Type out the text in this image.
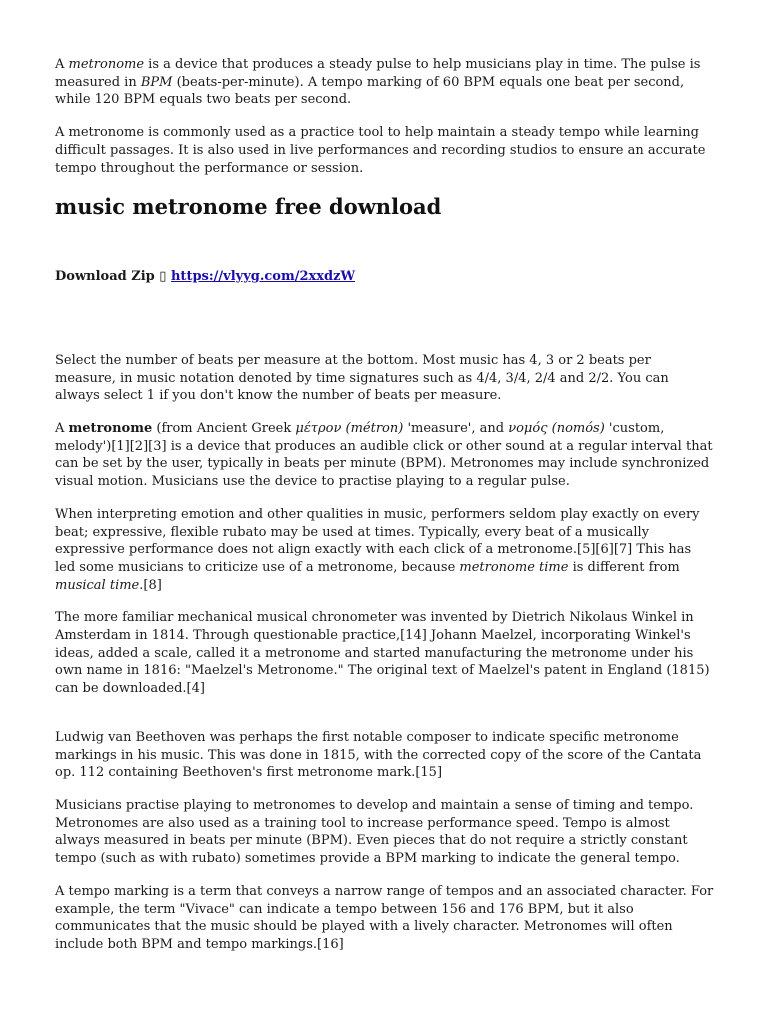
A metronome is a device that produces a steady pulse to help musicians play in time. The pulse is measured in BPM (beats-per-minute). A tempo marking of 60 BPM equals one beat per second, while 120 BPM equals two beats per second.

A metronome is commonly used as a practice tool to help maintain a steady tempo while learning difficult passages. It is also used in live performances and recording studios to ensure an accurate tempo throughout the performance or session.

music metronome free download

Download Zip ▯ https://vlyyg.com/2xxdzW

Select the number of beats per measure at the bottom. Most music has 4, 3 or 2 beats per measure, in music notation denoted by time signatures such as 4/4, 3/4, 2/4 and 2/2. You can always select 1 if you don't know the number of beats per measure.

A metronome (from Ancient Greek μέτρον (métron) 'measure', and νομός (nomós) 'custom, melody')[1][2][3] is a device that produces an audible click or other sound at a regular interval that can be set by the user, typically in beats per minute (BPM). Metronomes may include synchronized visual motion. Musicians use the device to practise playing to a regular pulse.

When interpreting emotion and other qualities in music, performers seldom play exactly on every beat; expressive, flexible rubato may be used at times. Typically, every beat of a musically expressive performance does not align exactly with each click of a metronome.[5][6][7] This has led some musicians to criticize use of a metronome, because metronome time is different from musical time.[8]

The more familiar mechanical musical chronometer was invented by Dietrich Nikolaus Winkel in Amsterdam in 1814. Through questionable practice,[14] Johann Maelzel, incorporating Winkel's ideas, added a scale, called it a metronome and started manufacturing the metronome under his own name in 1816: "Maelzel's Metronome." The original text of Maelzel's patent in England (1815) can be downloaded.[4]

Ludwig van Beethoven was perhaps the first notable composer to indicate specific metronome markings in his music. This was done in 1815, with the corrected copy of the score of the Cantata op. 112 containing Beethoven's first metronome mark.[15]

Musicians practise playing to metronomes to develop and maintain a sense of timing and tempo. Metronomes are also used as a training tool to increase performance speed. Tempo is almost always measured in beats per minute (BPM). Even pieces that do not require a strictly constant tempo (such as with rubato) sometimes provide a BPM marking to indicate the general tempo.

A tempo marking is a term that conveys a narrow range of tempos and an associated character. For example, the term "Vivace" can indicate a tempo between 156 and 176 BPM, but it also communicates that the music should be played with a lively character. Metronomes will often include both BPM and tempo markings.[16]
